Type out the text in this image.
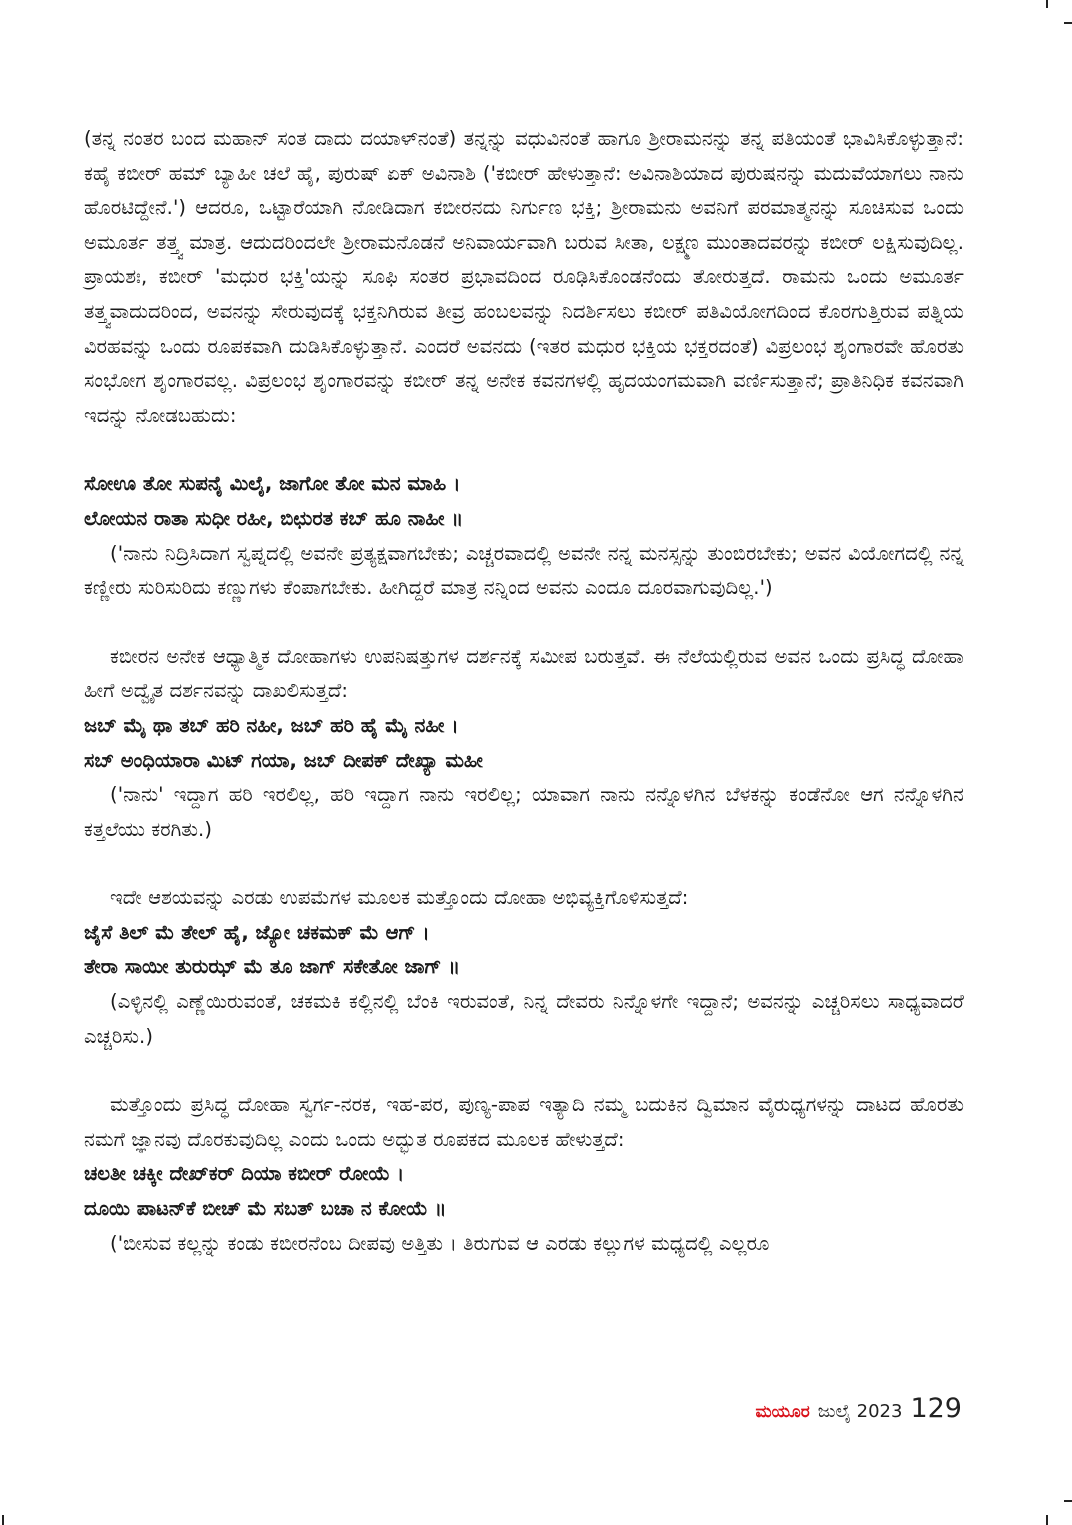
(ತನ್ನ ನಂತರ ಬಂದ ಮಹಾನ್ ಸಂತ ದಾದು ದಯಾಳ್‌ನಂತೆ) ತನ್ನನ್ನು ವಧುವಿನಂತೆ ಹಾಗೂ ಶ್ರೀರಾಮನನ್ನು ತನ್ನ ಪತಿಯಂತೆ ಭಾವಿಸಿಕೊಳ್ಳುತ್ತಾನೆ: ಕಹೈ ಕಬೀರ್ ಹಮ್ ಬ್ಯಾಹೀ ಚಲೆ ಹೈ, ಪುರುಷ್ ಏಕ್ ಅವಿನಾಶಿ ('ಕಬೀರ್ ಹೇಳುತ್ತಾನೆ: ಅವಿನಾಶಿಯಾದ ಪುರುಷನನ್ನು ಮದುವೆಯಾಗಲು ನಾನು ಹೊರಟಿದ್ದೇನೆ.') ಆದರೂ, ಒಟ್ಟಾರೆಯಾಗಿ ನೋಡಿದಾಗ ಕಬೀರನದು ನಿರ್ಗುಣ ಭಕ್ತಿ; ಶ್ರೀರಾಮನು ಅವನಿಗೆ ಪರಮಾತ್ಮನನ್ನು ಸೂಚಿಸುವ ಒಂದು ಅಮೂರ್ತ ತತ್ತ್ವ ಮಾತ್ರ. ಆದುದರಿಂದಲೇ ಶ್ರೀರಾಮನೊಡನೆ ಅನಿವಾರ್ಯವಾಗಿ ಬರುವ ಸೀತಾ, ಲಕ್ಷ್ಮಣ ಮುಂತಾದವರನ್ನು ಕಬೀರ್ ಲಕ್ಷಿಸುವುದಿಲ್ಲ. ಪ್ರಾಯಶಃ, ಕಬೀರ್ 'ಮಧುರ ಭಕ್ತಿ'ಯನ್ನು ಸೂಫಿ ಸಂತರ ಪ್ರಭಾವದಿಂದ ರೂಢಿಸಿಕೊಂಡನೆಂದು ತೋರುತ್ತದೆ. ರಾಮನು ಒಂದು ಅಮೂರ್ತ ತತ್ತ್ವವಾದುದರಿಂದ, ಅವನನ್ನು ಸೇರುವುದಕ್ಕೆ ಭಕ್ತನಿಗಿರುವ ತೀವ್ರ ಹಂಬಲವನ್ನು ನಿದರ್ಶಿಸಲು ಕಬೀರ್ ಪತಿವಿಯೋಗದಿಂದ ಕೊರಗುತ್ತಿರುವ ಪತ್ನಿಯ ವಿರಹವನ್ನು ಒಂದು ರೂಪಕವಾಗಿ ದುಡಿಸಿಕೊಳ್ಳುತ್ತಾನೆ. ಎಂದರೆ ಅವನದು (ಇತರ ಮಧುರ ಭಕ್ತಿಯ ಭಕ್ತರದಂತೆ) ವಿಪ್ರಲಂಭ ಶೃಂಗಾರವೇ ಹೊರತು ಸಂಭೋಗ ಶೃಂಗಾರವಲ್ಲ. ವಿಪ್ರಲಂಭ ಶೃಂಗಾರವನ್ನು ಕಬೀರ್ ತನ್ನ ಅನೇಕ ಕವನಗಳಲ್ಲಿ ಹೃದಯಂಗಮವಾಗಿ ವರ್ಣಿಸುತ್ತಾನೆ; ಪ್ರಾತಿನಿಧಿಕ ಕವನವಾಗಿ ಇದನ್ನು ನೋಡಬಹುದು:

ಸೋಊ ತೋ ಸುಪನೈ ಮಿಲೈ, ಜಾಗೋ ತೋ ಮನ ಮಾಹಿ ।

ಲೋಯನ ರಾತಾ ಸುಧೀ ರಹೀ, ಬಿಛುರತ ಕಬ್ ಹೂ ನಾಹೀ ॥

('ನಾನು ನಿದ್ರಿಸಿದಾಗ ಸ್ವಪ್ನದಲ್ಲಿ ಅವನೇ ಪ್ರತ್ಯಕ್ಷವಾಗಬೇಕು; ಎಚ್ಚರವಾದಲ್ಲಿ ಅವನೇ ನನ್ನ ಮನಸ್ಸನ್ನು ತುಂಬಿರಬೇಕು; ಅವನ ವಿಯೋಗದಲ್ಲಿ ನನ್ನ ಕಣ್ಣೀರು ಸುರಿಸುರಿದು ಕಣ್ಣುಗಳು ಕೆಂಪಾಗಬೇಕು. ಹೀಗಿದ್ದರೆ ಮಾತ್ರ ನನ್ನಿಂದ ಅವನು ಎಂದೂ ದೂರವಾಗುವುದಿಲ್ಲ.')

ಕಬೀರನ ಅನೇಕ ಆಧ್ಯಾತ್ಮಿಕ ದೋಹಾಗಳು ಉಪನಿಷತ್ತುಗಳ ದರ್ಶನಕ್ಕೆ ಸಮೀಪ ಬರುತ್ತವೆ. ಈ ನೆಲೆಯಲ್ಲಿರುವ ಅವನ ಒಂದು ಪ್ರಸಿದ್ಧ ದೋಹಾ ಹೀಗೆ ಅದ್ವೈತ ದರ್ಶನವನ್ನು ದಾಖಲಿಸುತ್ತದೆ:

ಜಬ್ ಮೈ ಥಾ ತಬ್ ಹರಿ ನಹೀ, ಜಬ್ ಹರಿ ಹೈ ಮೈ ನಹೀ ।

ಸಬ್ ಅಂಧಿಯಾರಾ ಮಿಟ್ ಗಯಾ, ಜಬ್ ದೀಪಕ್ ದೇಖ್ಯಾ ಮಹೀ

('ನಾನು' ಇದ್ದಾಗ ಹರಿ ಇರಲಿಲ್ಲ, ಹರಿ ಇದ್ದಾಗ ನಾನು ಇರಲಿಲ್ಲ; ಯಾವಾಗ ನಾನು ನನ್ನೊಳಗಿನ ಬೆಳಕನ್ನು ಕಂಡೆನೋ ಆಗ ನನ್ನೊಳಗಿನ ಕತ್ತಲೆಯು ಕರಗಿತು.)

ಇದೇ ಆಶಯವನ್ನು ಎರಡು ಉಪಮೆಗಳ ಮೂಲಕ ಮತ್ತೊಂದು ದೋಹಾ ಅಭಿವ್ಯಕ್ತಿಗೊಳಿಸುತ್ತದೆ:

ಜೈಸೆ ತಿಲ್ ಮೆ ತೇಲ್ ಹೈ, ಜ್ಯೋ ಚಕಮಕ್ ಮೆ ಆಗ್ ।

ತೇರಾ ಸಾಯೀ ತುರುಝ್ ಮೆ ತೂ ಜಾಗ್ ಸಕೇತೋ ಜಾಗ್ ॥

(ಎಳ್ಳಿನಲ್ಲಿ ಎಣ್ಣೆಯಿರುವಂತೆ, ಚಕಮಕಿ ಕಲ್ಲಿನಲ್ಲಿ ಬೆಂಕಿ ಇರುವಂತೆ, ನಿನ್ನ ದೇವರು ನಿನ್ನೊಳಗೇ ಇದ್ದಾನೆ; ಅವನನ್ನು ಎಚ್ಚರಿಸಲು ಸಾಧ್ಯವಾದರೆ ಎಚ್ಚರಿಸು.)

ಮತ್ತೊಂದು ಪ್ರಸಿದ್ಧ ದೋಹಾ ಸ್ವರ್ಗ-ನರಕ, ಇಹ-ಪರ, ಪುಣ್ಯ-ಪಾಪ ಇತ್ಯಾದಿ ನಮ್ಮ ಬದುಕಿನ ದ್ವಿಮಾನ ವೈರುಧ್ಯಗಳನ್ನು ದಾಟದ ಹೊರತು ನಮಗೆ ಜ್ಞಾನವು ದೊರಕುವುದಿಲ್ಲ ಎಂದು ಒಂದು ಅದ್ಭುತ ರೂಪಕದ ಮೂಲಕ ಹೇಳುತ್ತದೆ:

ಚಲತೀ ಚಕ್ಕೀ ದೇಖ್‌ಕರ್ ದಿಯಾ ಕಬೀರ್ ರೋಯೆ ।

ದೂಯಿ ಪಾಟನ್‌ಕೆ ಬೀಚ್ ಮೆ ಸಬತ್ ಬಚಾ ನ ಕೋಯೆ ॥

('ಬೀಸುವ ಕಲ್ಲನ್ನು ಕಂಡು ಕಬೀರನೆಂಬ ದೀಪವು ಅತ್ತಿತು । ತಿರುಗುವ ಆ ಎರಡು ಕಲ್ಲುಗಳ ಮಧ್ಯದಲ್ಲಿ ಎಲ್ಲರೂ

ಮಯೂರ ಜುಲೈ 2023 129
